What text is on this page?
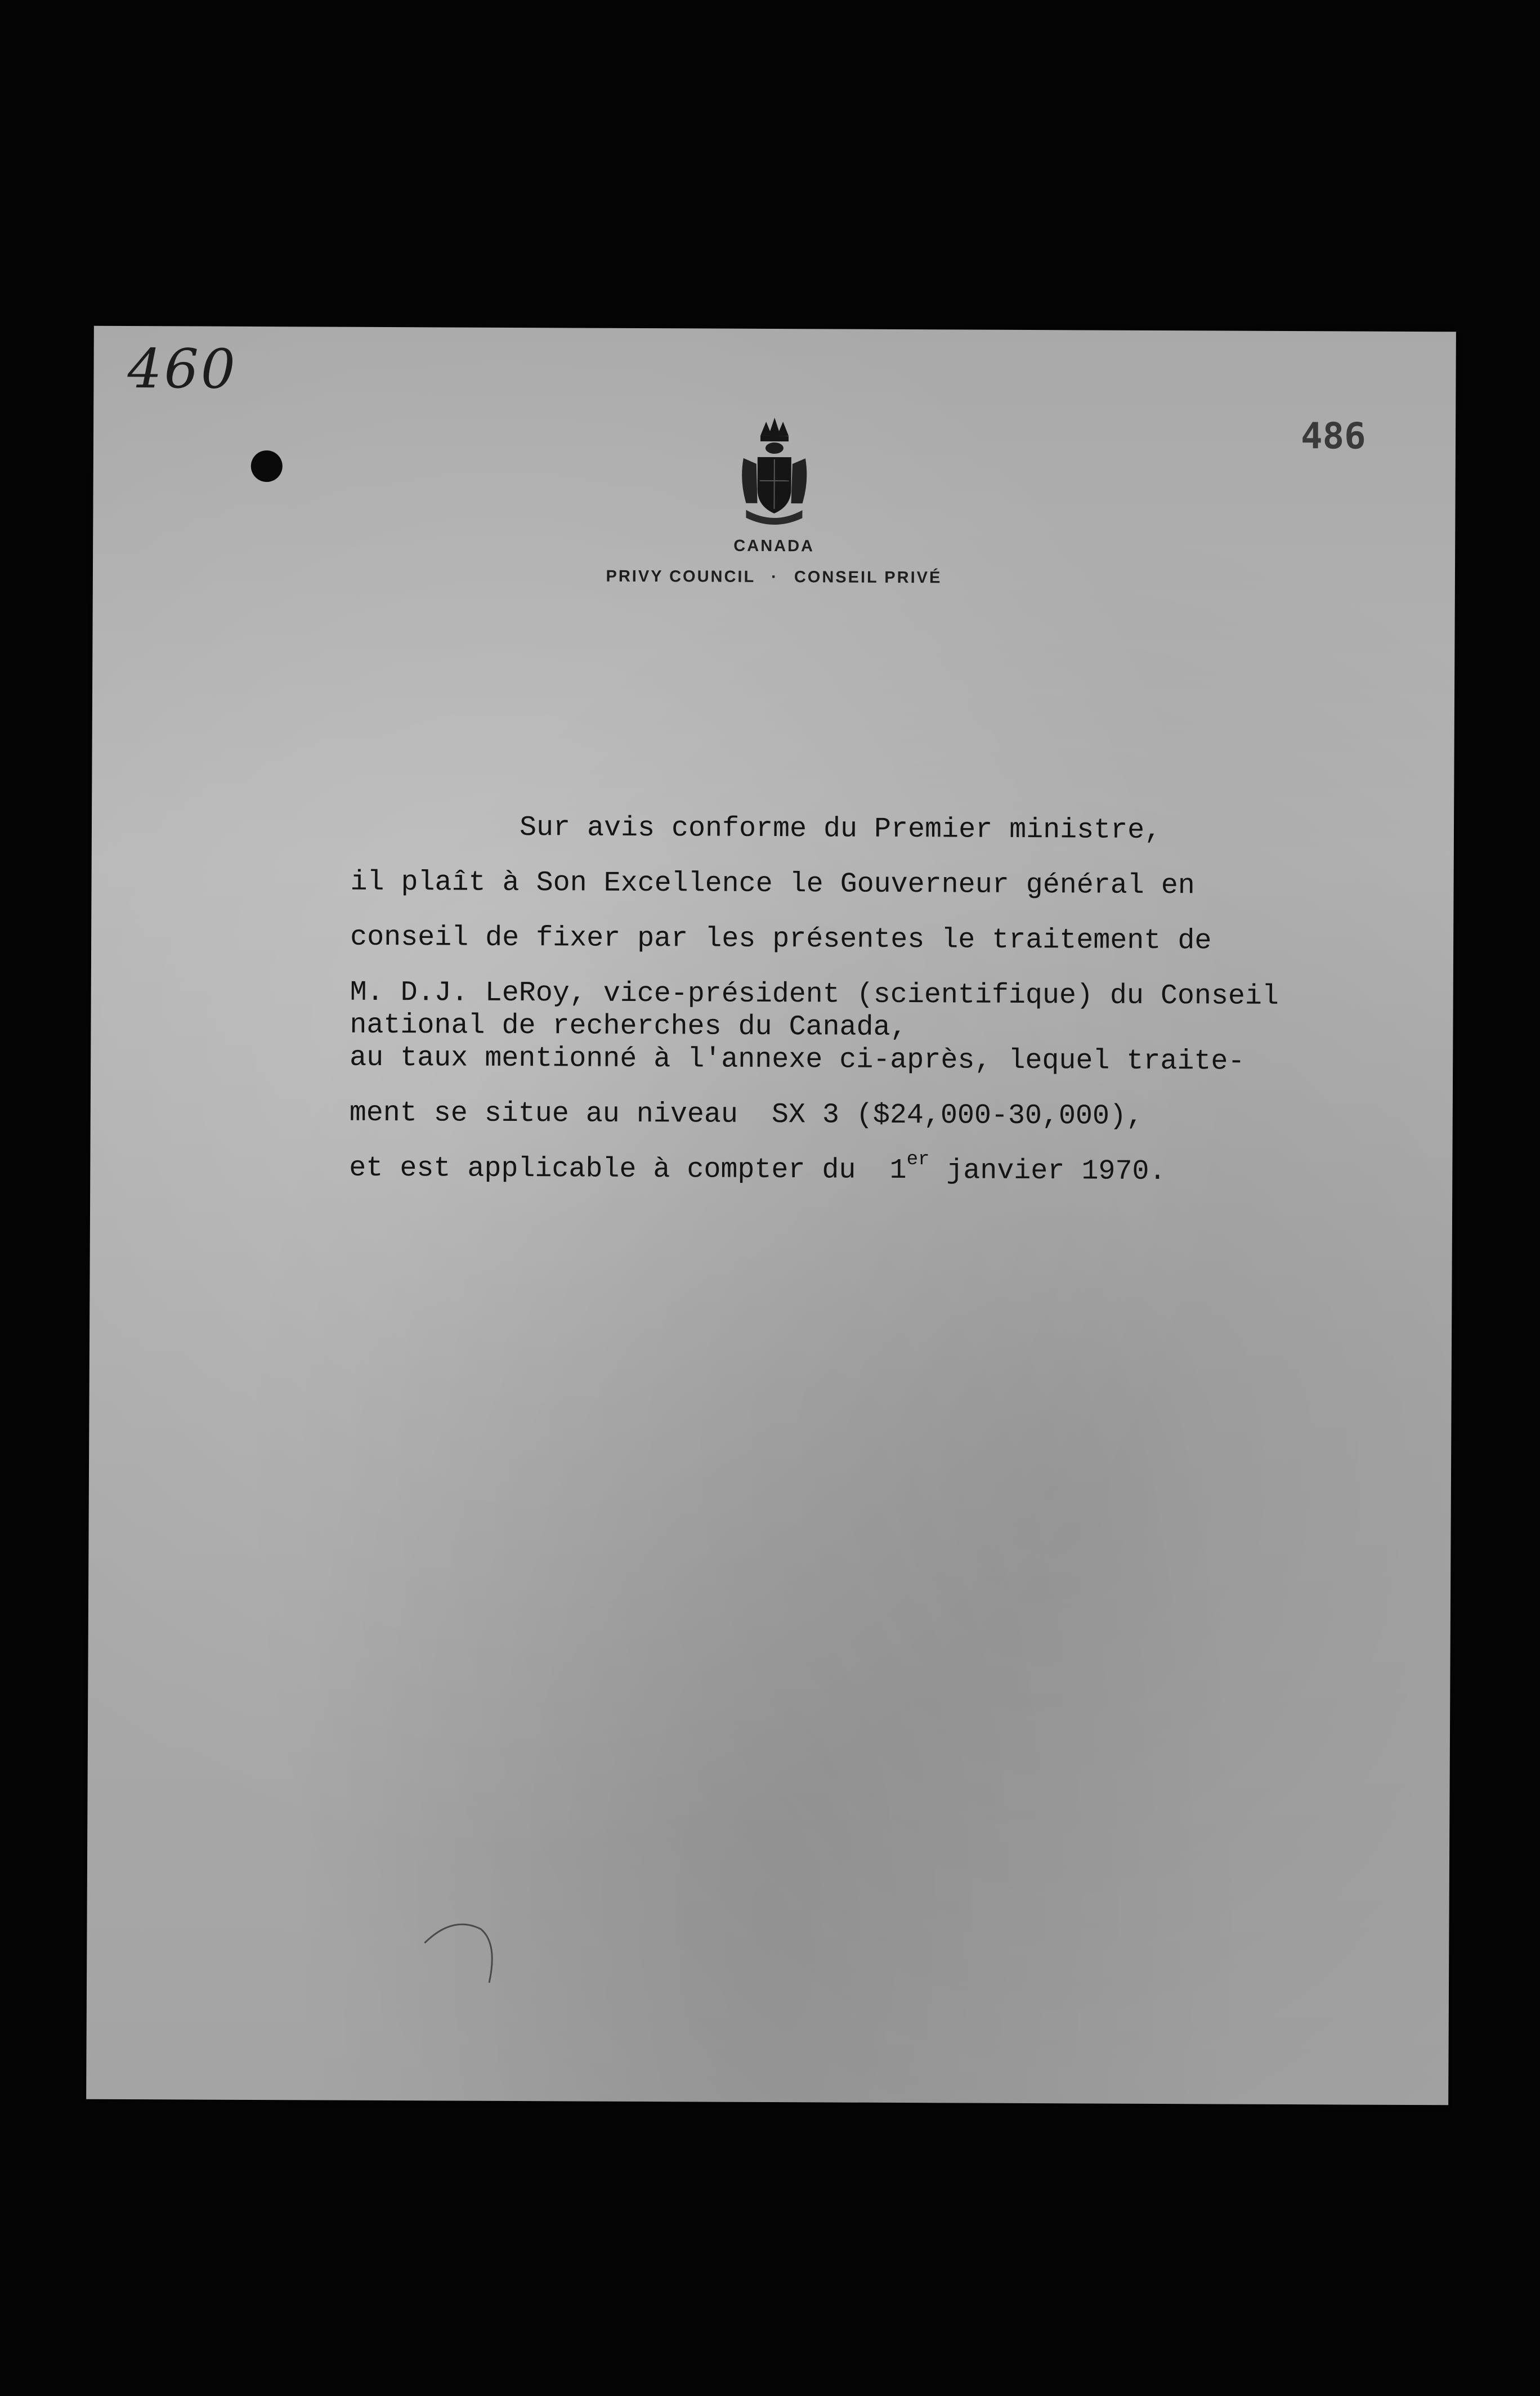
460
486
CANADA
PRIVY COUNCIL · CONSEIL PRIVÉ
Sur avis conforme du Premier ministre,
il plaît à Son Excellence le Gouverneur général en
conseil de fixer par les présentes le traitement de
M. D.J. LeRoy, vice-président (scientifique) du Conseil
national de recherches du Canada,
au taux mentionné à l'annexe ci-après, lequel traite-
ment se situe au niveau  SX 3 ($24,000-30,000),
et est applicable à compter du  1er janvier 1970.
